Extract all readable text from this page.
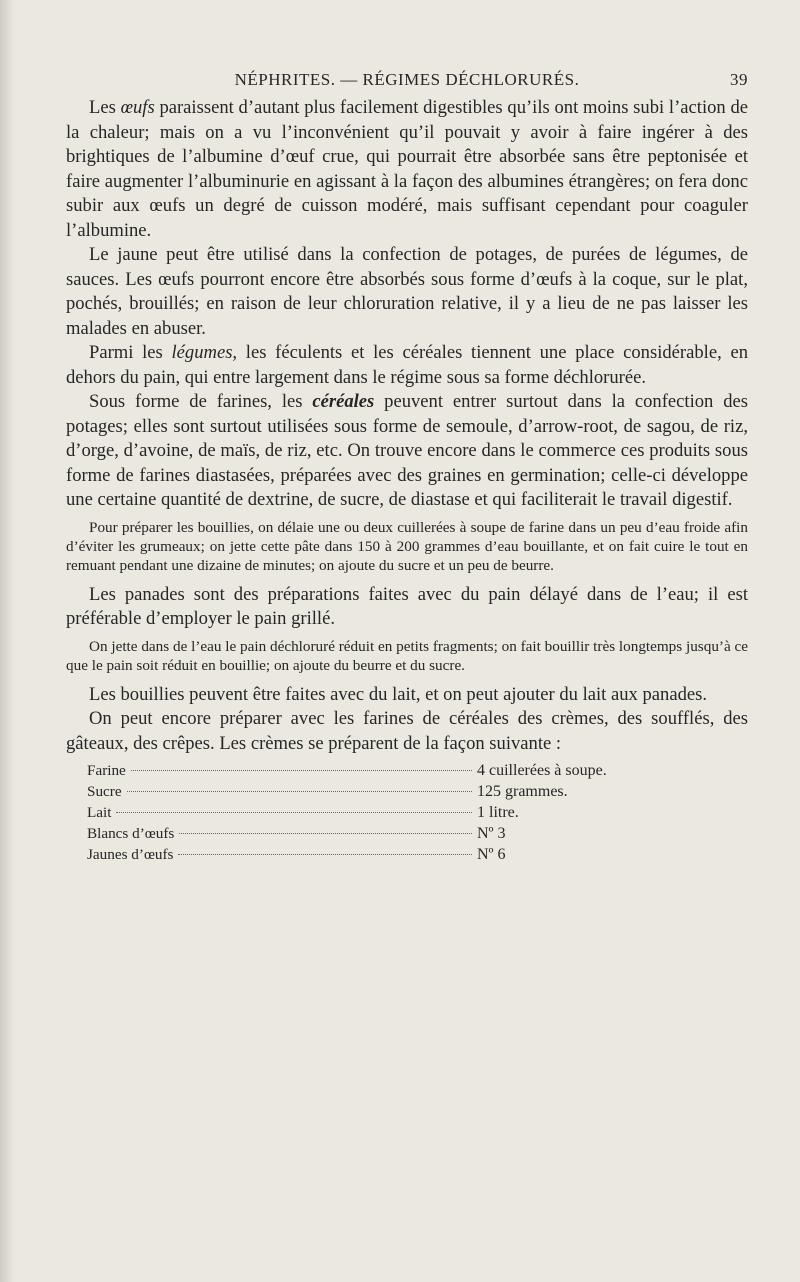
NÉPHRITES. — RÉGIMES DÉCHLORURÉS.	39

Les œufs paraissent d’autant plus facilement digestibles qu’ils ont moins subi l’action de la chaleur; mais on a vu l’inconvénient qu’il pouvait y avoir à faire ingérer à des brightiques de l’albumine d’œuf crue, qui pourrait être absorbée sans être peptonisée et faire augmenter l’albuminurie en agissant à la façon des albumines étrangères; on fera donc subir aux œufs un degré de cuisson modéré, mais suffisant cependant pour coaguler l’albumine.

Le jaune peut être utilisé dans la confection de potages, de purées de légumes, de sauces. Les œufs pourront encore être absorbés sous forme d’œufs à la coque, sur le plat, pochés, brouillés; en raison de leur chloruration relative, il y a lieu de ne pas laisser les malades en abuser.

Parmi les légumes, les féculents et les céréales tiennent une place considérable, en dehors du pain, qui entre largement dans le régime sous sa forme déchlorurée.

Sous forme de farines, les céréales peuvent entrer surtout dans la confection des potages; elles sont surtout utilisées sous forme de semoule, d’arrow-root, de sagou, de riz, d’orge, d’avoine, de maïs, de riz, etc. On trouve encore dans le commerce ces produits sous forme de farines diastasées, préparées avec des graines en germination; celle-ci développe une certaine quantité de dextrine, de sucre, de diastase et qui faciliterait le travail digestif.

Pour préparer les bouillies, on délaie une ou deux cuillerées à soupe de farine dans un peu d’eau froide afin d’éviter les grumeaux; on jette cette pâte dans 150 à 200 grammes d’eau bouillante, et on fait cuire le tout en remuant pendant une dizaine de minutes; on ajoute du sucre et un peu de beurre.

Les panades sont des préparations faites avec du pain délayé dans de l’eau; il est préférable d’employer le pain grillé.

On jette dans de l’eau le pain déchloruré réduit en petits fragments; on fait bouillir très longtemps jusqu’à ce que le pain soit réduit en bouillie; on ajoute du beurre et du sucre.

Les bouillies peuvent être faites avec du lait, et on peut ajouter du lait aux panades.

On peut encore préparer avec les farines de céréales des crèmes, des soufflés, des gâteaux, des crêpes. Les crèmes se préparent de la façon suivante :

Farine	4 cuillerées à soupe.
Sucre	125 grammes.
Lait	1 litre.
Blancs d’œufs	Nº 3
Jaunes d’œufs	Nº 6
